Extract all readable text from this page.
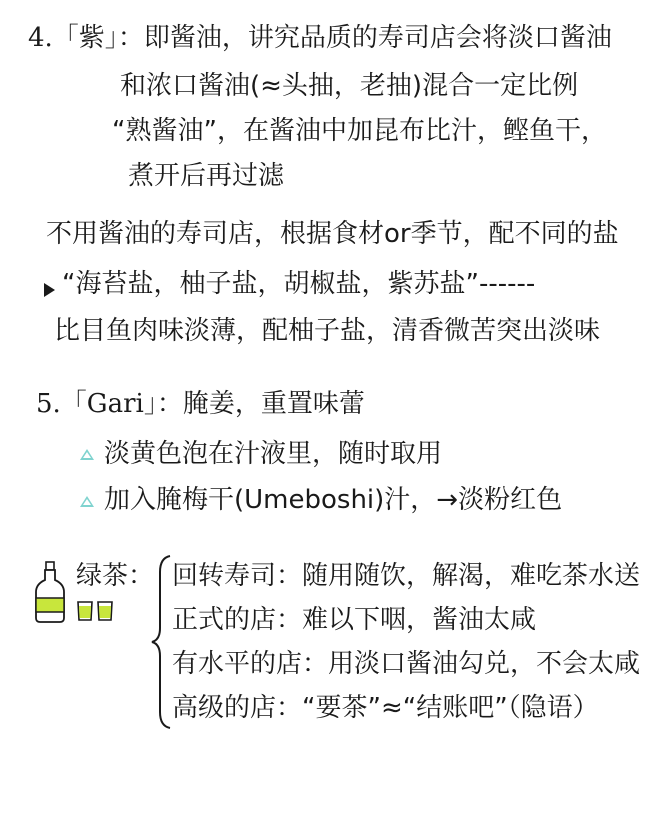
4.「紫」：即酱油，讲究品质的寿司店会将淡口酱油
和浓口酱油(≈头抽，老抽)混合一定比例
“熟酱油”，在酱油中加昆布比汁，鲣鱼干，
煮开后再过滤
不用酱油的寿司店，根据食材or季节，配不同的盐
“海苔盐，柚子盐，胡椒盐，紫苏盐”------
比目鱼肉味淡薄，配柚子盐，清香微苦突出淡味
5.「Gari」：腌姜，重置味蕾
淡黄色泡在汁液里，随时取用
加入腌梅干(Umeboshi)汁，→淡粉红色
绿茶： 回转寿司：随用随饮，解渴，难吃茶水送
正式的店：难以下咽，酱油太咸
有水平的店：用淡口酱油勾兑，不会太咸
高级的店：“要茶”≈“结账吧”（隐语）
